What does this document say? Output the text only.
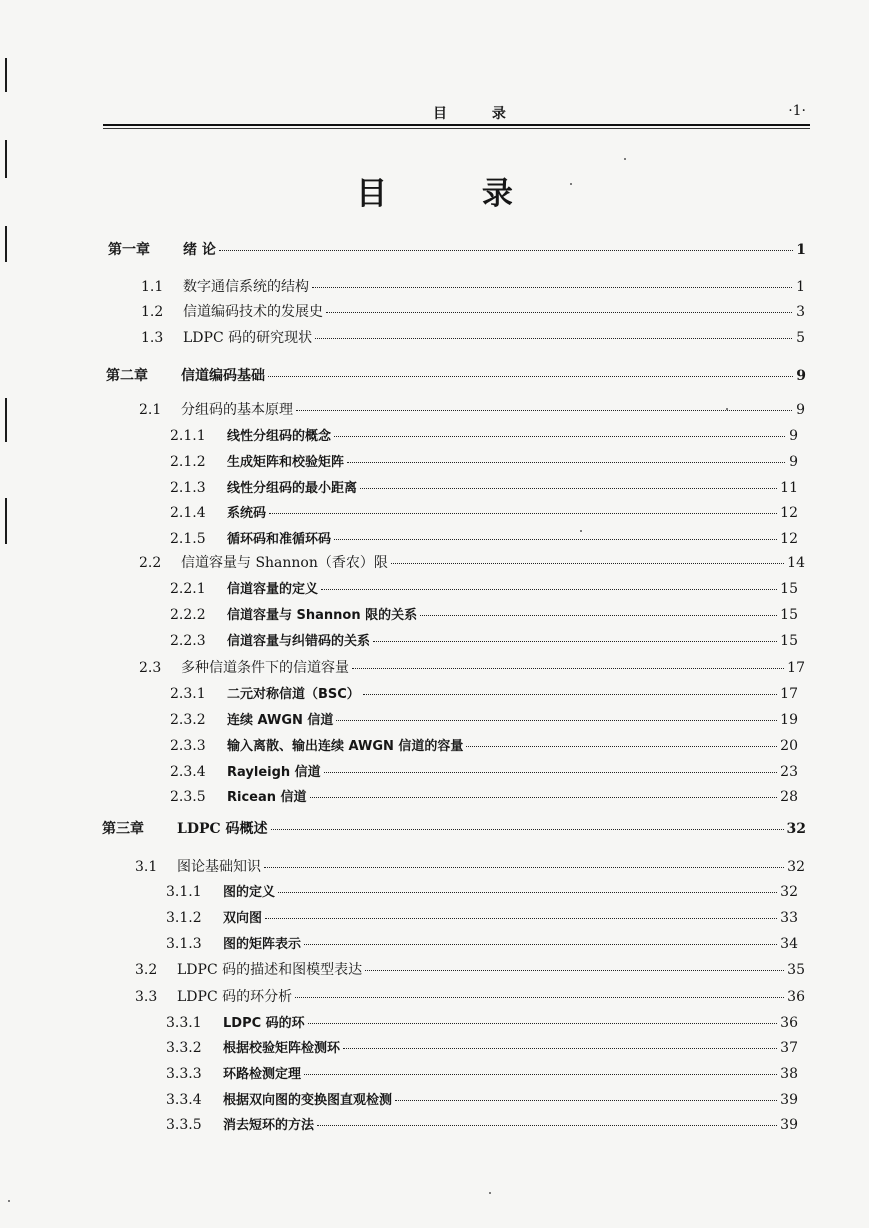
目 录	·1·
目 录
第一章	绪 论	1
1.1	数字通信系统的结构	1
1.2	信道编码技术的发展史	3
1.3	LDPC 码的研究现状	5
第二章	信道编码基础	9
2.1	分组码的基本原理	9
2.1.1	线性分组码的概念	9
2.1.2	生成矩阵和校验矩阵	9
2.1.3	线性分组码的最小距离	11
2.1.4	系统码	12
2.1.5	循环码和准循环码	12
2.2	信道容量与 Shannon（香农）限	14
2.2.1	信道容量的定义	15
2.2.2	信道容量与 Shannon 限的关系	15
2.2.3	信道容量与纠错码的关系	15
2.3	多种信道条件下的信道容量	17
2.3.1	二元对称信道（BSC）	17
2.3.2	连续 AWGN 信道	19
2.3.3	输入离散、输出连续 AWGN 信道的容量	20
2.3.4	Rayleigh 信道	23
2.3.5	Ricean 信道	28
第三章	LDPC 码概述	32
3.1	图论基础知识	32
3.1.1	图的定义	32
3.1.2	双向图	33
3.1.3	图的矩阵表示	34
3.2	LDPC 码的描述和图模型表达	35
3.3	LDPC 码的环分析	36
3.3.1	LDPC 码的环	36
3.3.2	根据校验矩阵检测环	37
3.3.3	环路检测定理	38
3.3.4	根据双向图的变换图直观检测	39
3.3.5	消去短环的方法	39
